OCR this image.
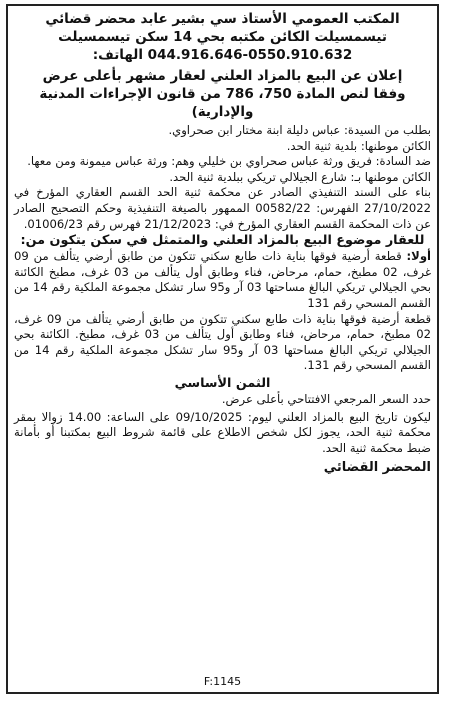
المكتب العمومي الأستاذ سي بشير عابد محضر قضائي
تيسمسيلت الكائن مكتبه بحي 14 سكن تيسمسيلت
044.916.646-0550.910.632 الهاتف:
إعلان عن البيع بالمزاد العلني لعقار مشهر بأعلى عرض
وفقا لنص المادة 750، 786 من قانون الإجراءات المدنية والإدارية)
بطلب من السيدة: عباس دليلة ابنة مختار ابن صحراوي.
الكائن موطنها: بلدية ثنية الحد.
ضد السادة: فريق ورثة عباس صحراوي بن خليلي وهم: ورثة عباس ميمونة ومن معها.
الكائن موطنها بـ: شارع الجيلالي تريكي ببلدية ثنية الحد.
بناء على السند التنفيذي الصادر عن محكمة ثنية الحد القسم العقاري المؤرخ في 27/10/2022 الفهرس: 00582/22 الممهور بالصيغة التنفيذية وحكم التصحيح الصادر عن ذات المحكمة القسم العقاري المؤرخ في: 21/12/2023 فهرس رقم 01006/23.
للعقار موضوع البيع بالمزاد العلني والمتمثل في سكن يتكون من:
أولا: قطعة أرضية فوقها بناية ذات طابع سكني تتكون من طابق أرضي يتألف من 09 غرف، 02 مطبخ، حمام، مرحاض، فناء وطابق أول يتألف من 03 غرف، مطبخ الكائنة بحي الجيلالي تريكي البالغ مساحتها 03 آر و95 سار تشكل مجموعة الملكية رقم 14 من القسم المسحي رقم 131
قطعة أرضية فوقها بناية ذات طابع سكني تتكون من طابق أرضي يتألف من 09 غرف، 02 مطبخ، حمام، مرحاض، فناء وطابق أول يتألف من 03 غرف، مطبخ. الكائنة بحي الجيلالي تريكي البالغ مساحتها 03 آر و95 سار تشكل مجموعة الملكية رقم 14 من القسم المسحي رقم 131.
الثمن الأساسي
حدد السعر المرجعي الافتتاحي بأعلى عرض.
ليكون تاريخ البيع بالمزاد العلني ليوم: 09/10/2025 على الساعة: 14.00 زوالا بمقر محكمة ثنية الحد، يجوز لكل شخص الاطلاع على قائمة شروط البيع بمكتبنا أو بأمانة ضبط محكمة ثنية الحد.
المحضر القضائي
F:1145
